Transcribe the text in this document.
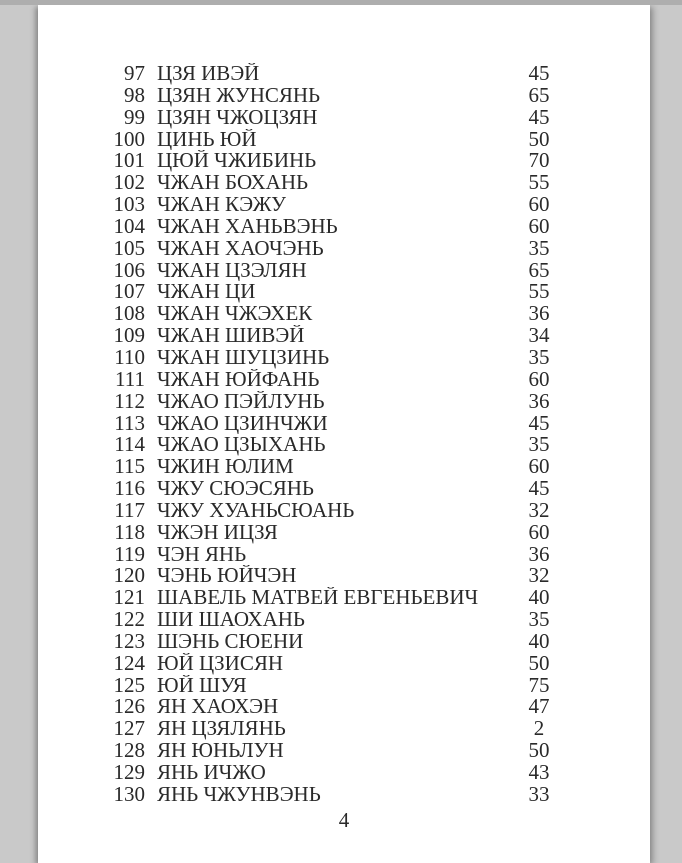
97 ЦЗЯ ИВЭЙ	45
98 ЦЗЯН ЖУНСЯНЬ	65
99 ЦЗЯН ЧЖОЦЗЯН	45
100 ЦИНЬ ЮЙ	50
101 ЦЮЙ ЧЖИБИНЬ	70
102 ЧЖАН БОХАНЬ	55
103 ЧЖАН КЭЖУ	60
104 ЧЖАН ХАНЬВЭНЬ	60
105 ЧЖАН ХАОЧЭНЬ	35
106 ЧЖАН ЦЗЭЛЯН	65
107 ЧЖАН ЦИ	55
108 ЧЖАН ЧЖЭХЕК	36
109 ЧЖАН ШИВЭЙ	34
110 ЧЖАН ШУЦЗИНЬ	35
111 ЧЖАН ЮЙФАНЬ	60
112 ЧЖАО ПЭЙЛУНЬ	36
113 ЧЖАО ЦЗИНЧЖИ	45
114 ЧЖАО ЦЗЫХАНЬ	35
115 ЧЖИН ЮЛИМ	60
116 ЧЖУ СЮЭСЯНЬ	45
117 ЧЖУ ХУАНЬСЮАНЬ	32
118 ЧЖЭН ИЦЗЯ	60
119 ЧЭН ЯНЬ	36
120 ЧЭНЬ ЮЙЧЭН	32
121 ШАВЕЛЬ МАТВЕЙ ЕВГЕНЬЕВИЧ	40
122 ШИ ШАОХАНЬ	35
123 ШЭНЬ СЮЕНИ	40
124 ЮЙ ЦЗИСЯН	50
125 ЮЙ ШУЯ	75
126 ЯН ХАОХЭН	47
127 ЯН ЦЗЯЛЯНЬ	2
128 ЯН ЮНЬЛУН	50
129 ЯНЬ ИЧЖО	43
130 ЯНЬ ЧЖУНВЭНЬ	33
4
